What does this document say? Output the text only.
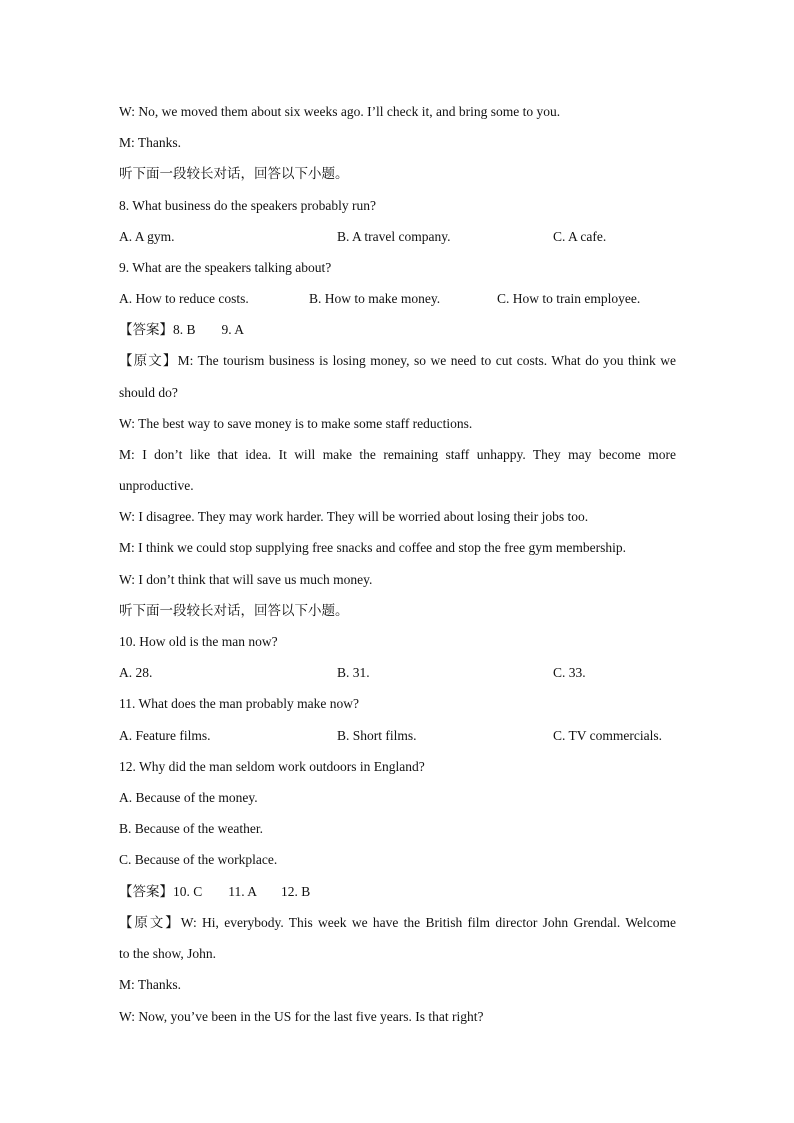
W: No, we moved them about six weeks ago. I’ll check it, and bring some to you.
M: Thanks.
听下面一段较长对话，回答以下小题。
8. What business do the speakers probably run?
A. A gym.	B. A travel company.	C. A cafe.
9. What are the speakers talking about?
A. How to reduce costs.	B. How to make money.	C. How to train employee.
【答案】8. B 9. A
【原文】M: The tourism business is losing money, so we need to cut costs. What do you think we
should do?
W: The best way to save money is to make some staff reductions.
M: I don’t like that idea. It will make the remaining staff unhappy. They may become more
unproductive.
W: I disagree. They may work harder. They will be worried about losing their jobs too.
M: I think we could stop supplying free snacks and coffee and stop the free gym membership.
W: I don’t think that will save us much money.
听下面一段较长对话，回答以下小题。
10. How old is the man now?
A. 28.	B. 31.	C. 33.
11. What does the man probably make now?
A. Feature films.	B. Short films.	C. TV commercials.
12. Why did the man seldom work outdoors in England?
A. Because of the money.
B. Because of the weather.
C. Because of the workplace.
【答案】10. C 11. A 12. B
【原文】W: Hi, everybody. This week we have the British film director John Grendal. Welcome
to the show, John.
M: Thanks.
W: Now, you’ve been in the US for the last five years. Is that right?
